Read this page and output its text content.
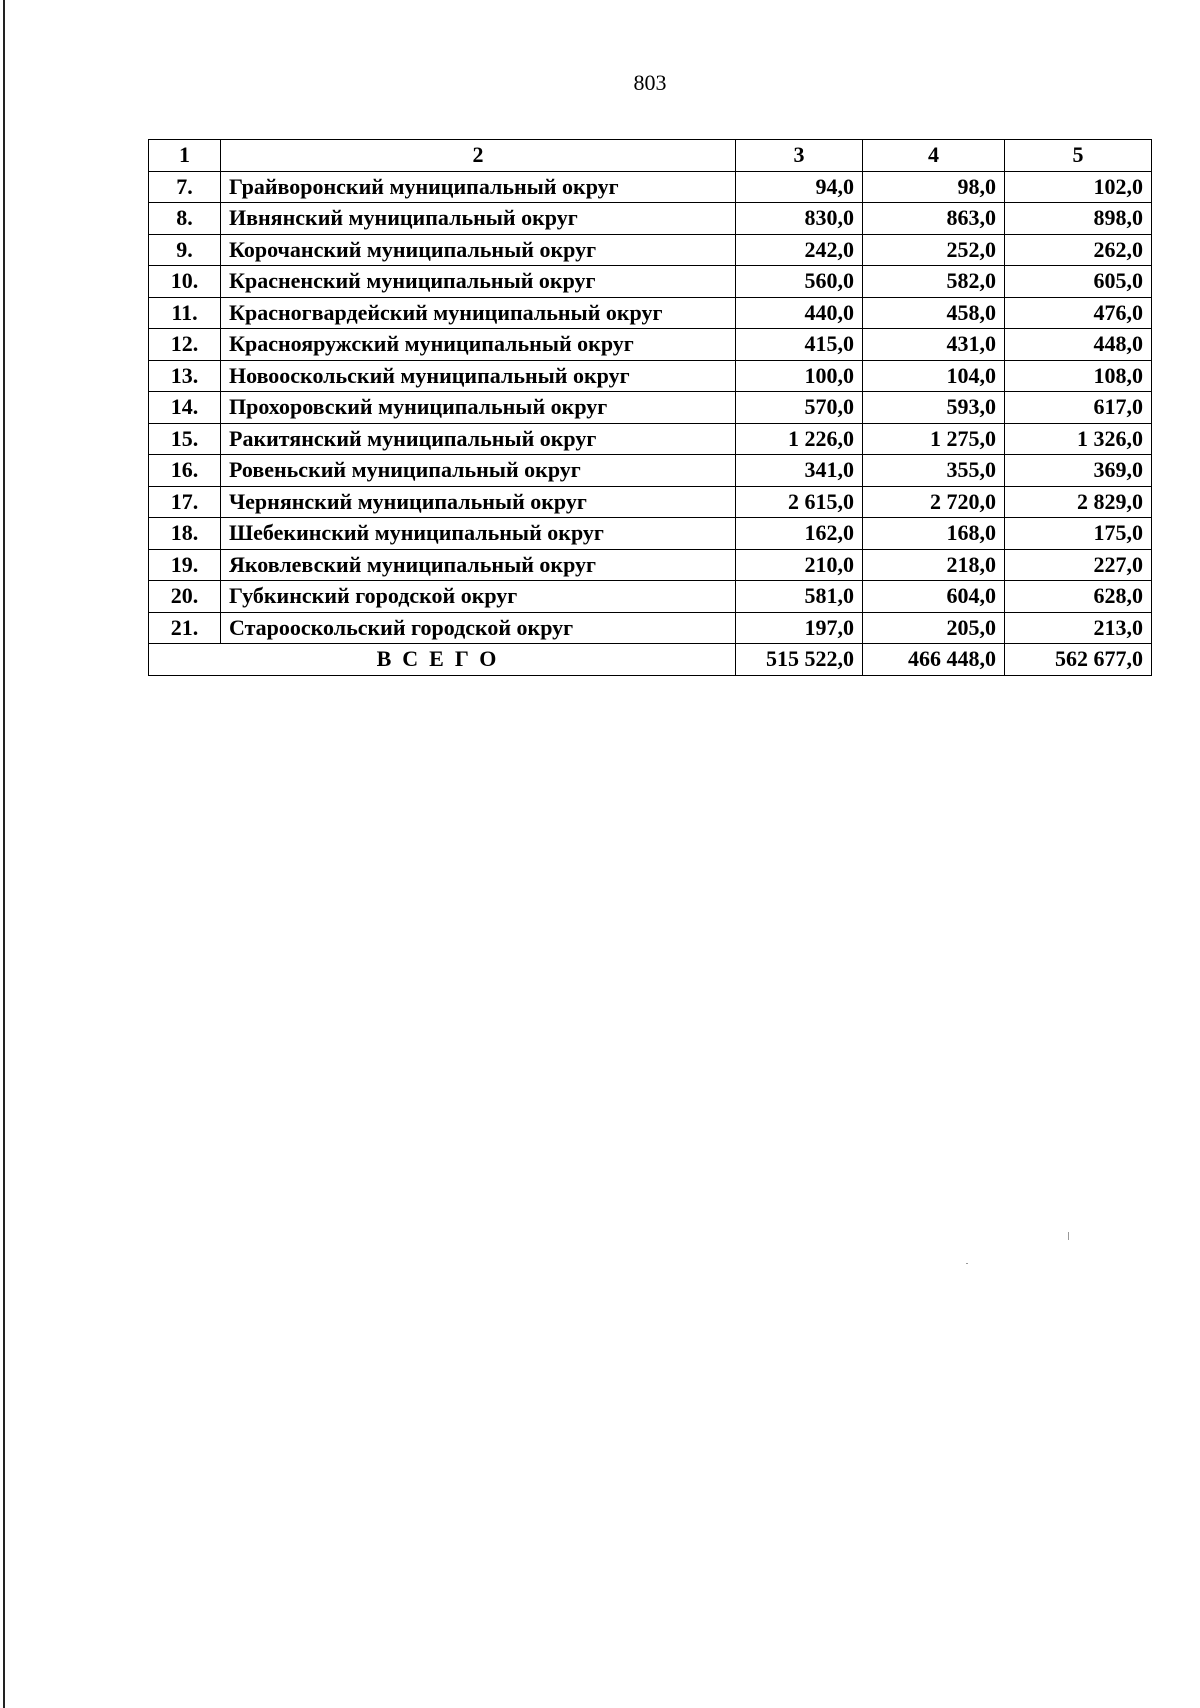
803
1	2	3	4	5
7.	Грайворонский муниципальный округ	94,0	98,0	102,0
8.	Ивнянский муниципальный округ	830,0	863,0	898,0
9.	Корочанский муниципальный округ	242,0	252,0	262,0
10.	Красненский муниципальный округ	560,0	582,0	605,0
11.	Красногвардейский муниципальный округ	440,0	458,0	476,0
12.	Краснояружский муниципальный округ	415,0	431,0	448,0
13.	Новооскольский муниципальный округ	100,0	104,0	108,0
14.	Прохоровский муниципальный округ	570,0	593,0	617,0
15.	Ракитянский муниципальный округ	1 226,0	1 275,0	1 326,0
16.	Ровеньский муниципальный округ	341,0	355,0	369,0
17.	Чернянский муниципальный округ	2 615,0	2 720,0	2 829,0
18.	Шебекинский муниципальный округ	162,0	168,0	175,0
19.	Яковлевский муниципальный округ	210,0	218,0	227,0
20.	Губкинский городской округ	581,0	604,0	628,0
21.	Старооскольский городской округ	197,0	205,0	213,0
ВСЕГО		515 522,0	466 448,0	562 677,0
